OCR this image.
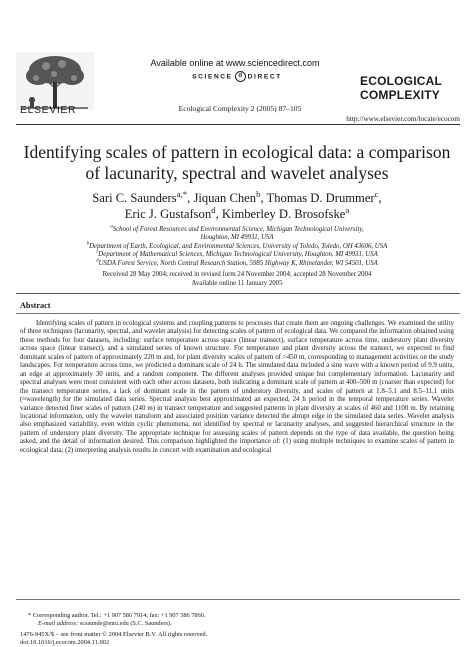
ELSEVIER
Available online at www.sciencedirect.com
SCIENCE d DIRECT
Ecological Complexity 2 (2005) 87–105
ECOLOGICAL
COMPLEXITY
http://www.elsevier.com/locate/ecocom
Identifying scales of pattern in ecological data: a comparison
of lacunarity, spectral and wavelet analyses
Sari C. Saunders$^{a,*}$, Jiquan Chen$^b$, Thomas D. Drummer$^c$,
Eric J. Gustafson$^d$, Kimberley D. Brosofske$^a$
$^a$School of Forest Resources and Environmental Science, Michigan Technological University,
Houghton, MI 49931, USA
$^b$Department of Earth, Ecological, and Environmental Sciences, University of Toledo, Toledo, OH 43606, USA
$^c$Department of Mathematical Sciences, Michigan Technological University, Houghton, MI 49931, USA
$^d$USDA Forest Service, North Central Research Station, 5985 Highway K, Rhinelander, WI 54501, USA
Received 28 May 2004; received in revised form 24 November 2004; accepted 28 November 2004
Available online 11 January 2005
Abstract
Identifying scales of pattern in ecological systems and coupling patterns to processes that create them are ongoing challenges. We examined the utility of three techniques (lacunarity, spectral, and wavelet analysis) for detecting scales of pattern of ecological data. We compared the information obtained using these methods for four datasets, including: surface temperature across space (linear transect), surface temperature across time, understory plant diversity across space (linear transect), and a simulated series of known structure. For temperature and plant diversity across the transect, we expected to find dominant scales of pattern of approximately 220 m and, for plant diversity scales of pattern of >450 m, corresponding to management activities on the study landscapes. For temperature across time, we predicted a dominant scale of 24 h. The simulated data included a sine wave with a known period of 9.9 units, an edge at approximately 30 units, and a random component. The different analyses provided unique but complementary information. Lacunarity and spectral analyses were most consistent with each other across datasets, both indicating a dominant scale of pattern at 400–500 m (coarser than expected) for the transect temperature series, a lack of dominant scale in the pattern of understory diversity, and scales of pattern at 1.8–5.1 and 8.5–11.1 units (≈wavelength) for the simulated data series. Spectral analysis best approximated an expected, 24 h period in the temporal temperature series. Wavelet variance detected finer scales of pattern (240 m) in transect temperature and suggested patterns in plant diversity at scales of 460 and 1100 m. By retaining locational information, only the wavelet transform and associated position variance detected the abrupt edge in the simulated data series. Wavelet analysis also emphasized variability, even within cyclic phenomena, not identified by spectral or lacunarity analyses, and suggested hierarchical structure in the pattern of understory plant diversity. The appropriate technique for assessing scales of pattern depends on the type of data available, the question being asked, and the detail of information desired. This comparison highlighted the importance of: (1) using multiple techniques to examine scales of pattern in ecological data; (2) interpreting analysis results in concert with examination and ecological
* Corresponding author. Tel.: +1 907 586 7914; fax: +1 907 586 7860.
E-mail address: scsaunde@mtu.edu (S.C. Saunders).
1476-945X/$ – see front matter © 2004 Elsevier B.V. All rights reserved.
doi:10.1016/j.ecocom.2004.11.002
